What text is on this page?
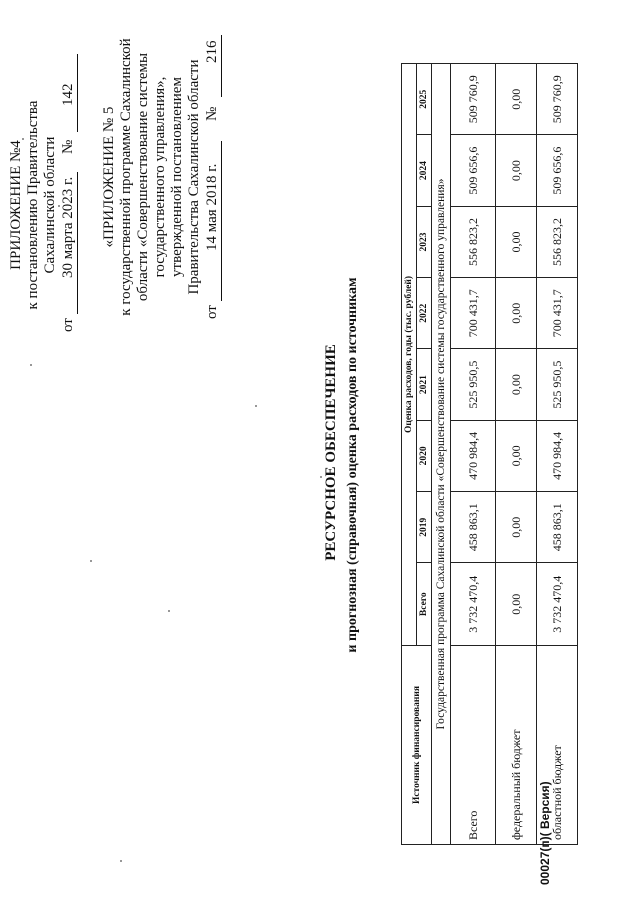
ПРИЛОЖЕНИЕ №4 к постановлению Правительства Сахалинской области
от
30 марта 2023 г.
№
142
«ПРИЛОЖЕНИЕ № 5 к государственной программе Сахалинской области «Совершенствование системы государственного управления», утвержденной постановлением Правительства Сахалинской области
от
14 мая 2018 г.
№
216
РЕСУРСНОЕ ОБЕСПЕЧЕНИЕ и прогнозная (справочная) оценка расходов по источникам
Источник финансирования	Оценка расходов, годы (тыс. рублей)							
	Всего	2019	2020	2021	2022	2023	2024	2025
Государственная программа Сахалинской области «Совершенствование системы государственного управления»								
Всего	3 732 470,4	458 863,1	470 984,4	525 950,5	700 431,7	556 823,2	509 656,6	509 760,9
федеральный бюджет	0,00	0,00	0,00	0,00	0,00	0,00	0,00	0,00
областной бюджет	3 732 470,4	458 863,1	470 984,4	525 950,5	700 431,7	556 823,2	509 656,6	509 760,9
00027(п)( Версия)
